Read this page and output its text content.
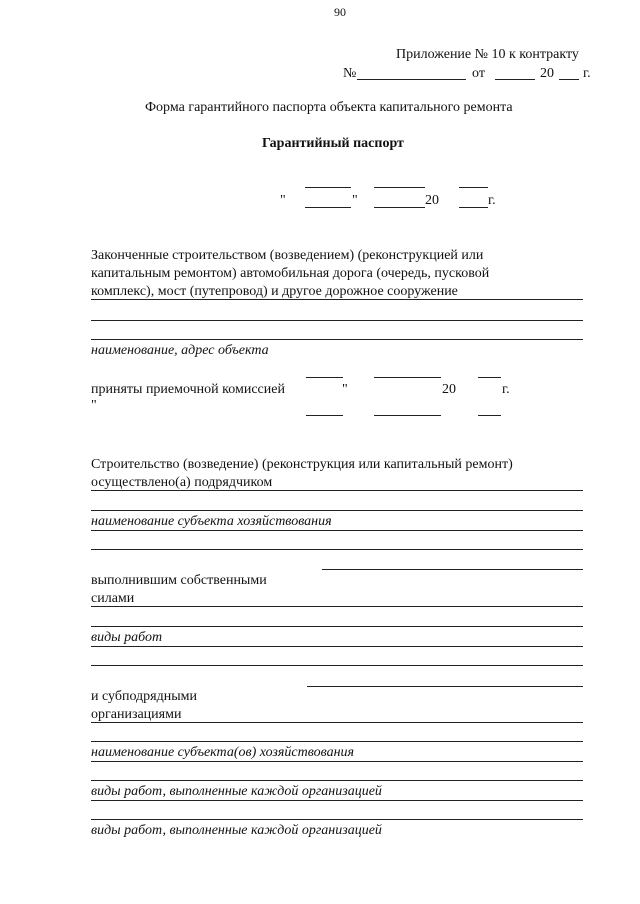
90
Приложение № 10 к контракту
№	от	20 г.
Форма гарантийного паспорта объекта капитального ремонта
Гарантийный паспорт
"	"	20	г.
Законченные строительством (возведением) (реконструкцией или
капитальным ремонтом) автомобильная дорога (очередь, пусковой
комплекс), мост (путепровод) и другое дорожное сооружение
наименование, адрес объекта
приняты приемочной комиссией	"	20	г.
"
Строительство (возведение) (реконструкция или капитальный ремонт)
осуществлено(а) подрядчиком
наименование субъекта хозяйствования
выполнившим собственными
силами
виды работ
и субподрядными
организациями
наименование субъекта(ов) хозяйствования
виды работ, выполненные каждой организацией
виды работ, выполненные каждой организацией
